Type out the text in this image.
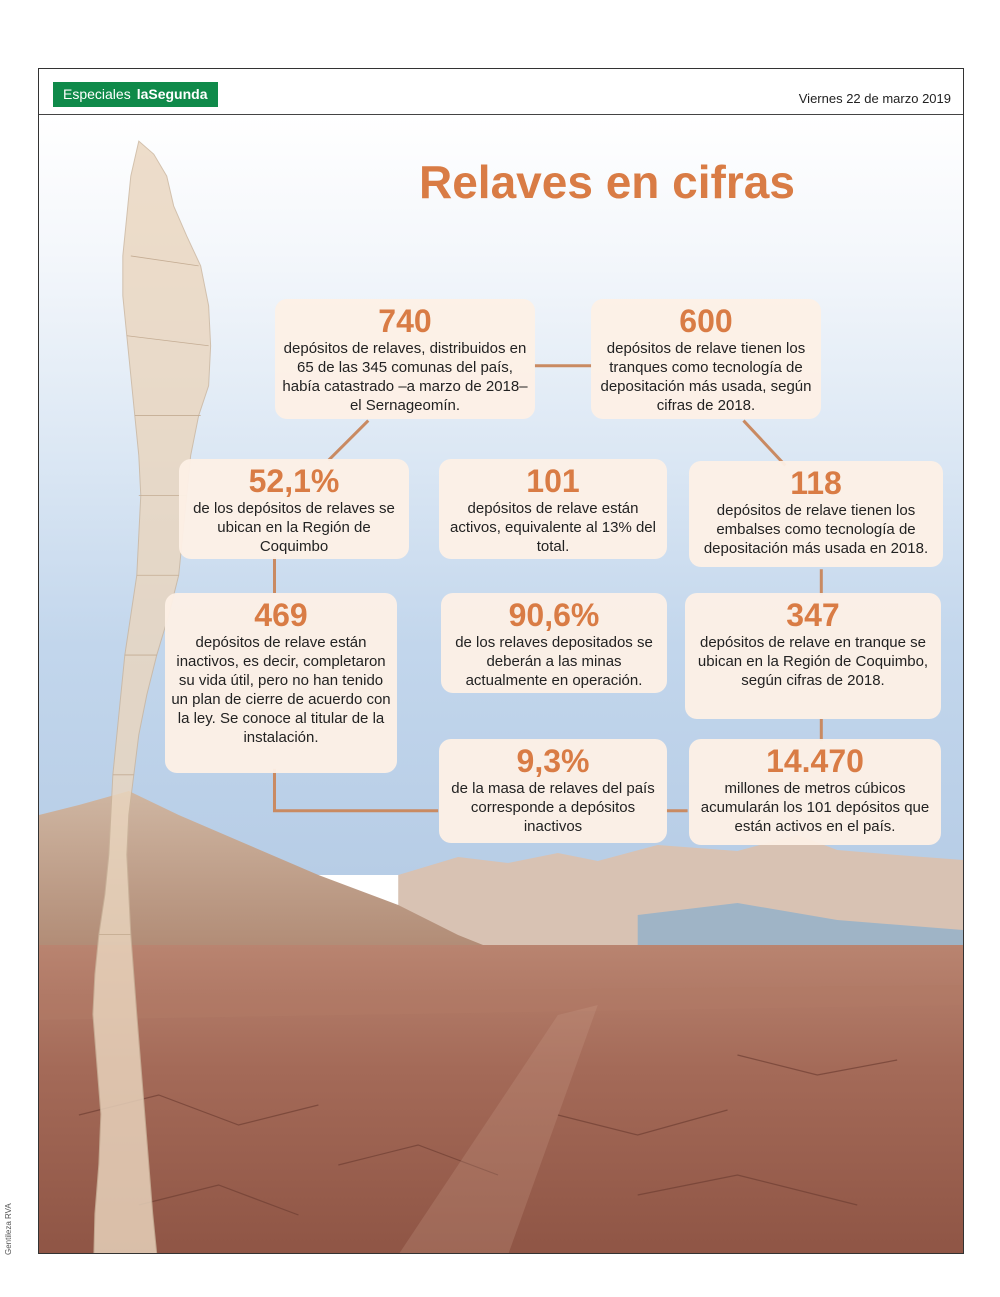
Especiales laSegunda	Viernes 22 de marzo 2019
Relaves en cifras
740
depósitos de relaves, distribuidos en 65 de las 345 comunas del país, había catastrado –a marzo de 2018– el Sernageomín.
600
depósitos de relave tienen los tranques como tecnología de depositación más usada, según cifras de 2018.
52,1%
de los depósitos de relaves se ubican en la Región de Coquimbo
101
depósitos de relave están activos, equivalente al 13% del total.
118
depósitos de relave tienen los embalses como tecnología de depositación más usada en 2018.
469
depósitos de relave están inactivos, es decir, completaron su vida útil, pero no han tenido un plan de cierre de acuerdo con la ley. Se conoce al titular de la instalación.
90,6%
de los relaves depositados se deberán a las minas actualmente en operación.
347
depósitos de relave en tranque se ubican en la Región de Coquimbo, según cifras de 2018.
9,3%
de la masa de relaves del país corresponde a depósitos inactivos
14.470
millones de metros cúbicos acumularán los 101 depósitos que están activos en el país.
Gentileza RVA
